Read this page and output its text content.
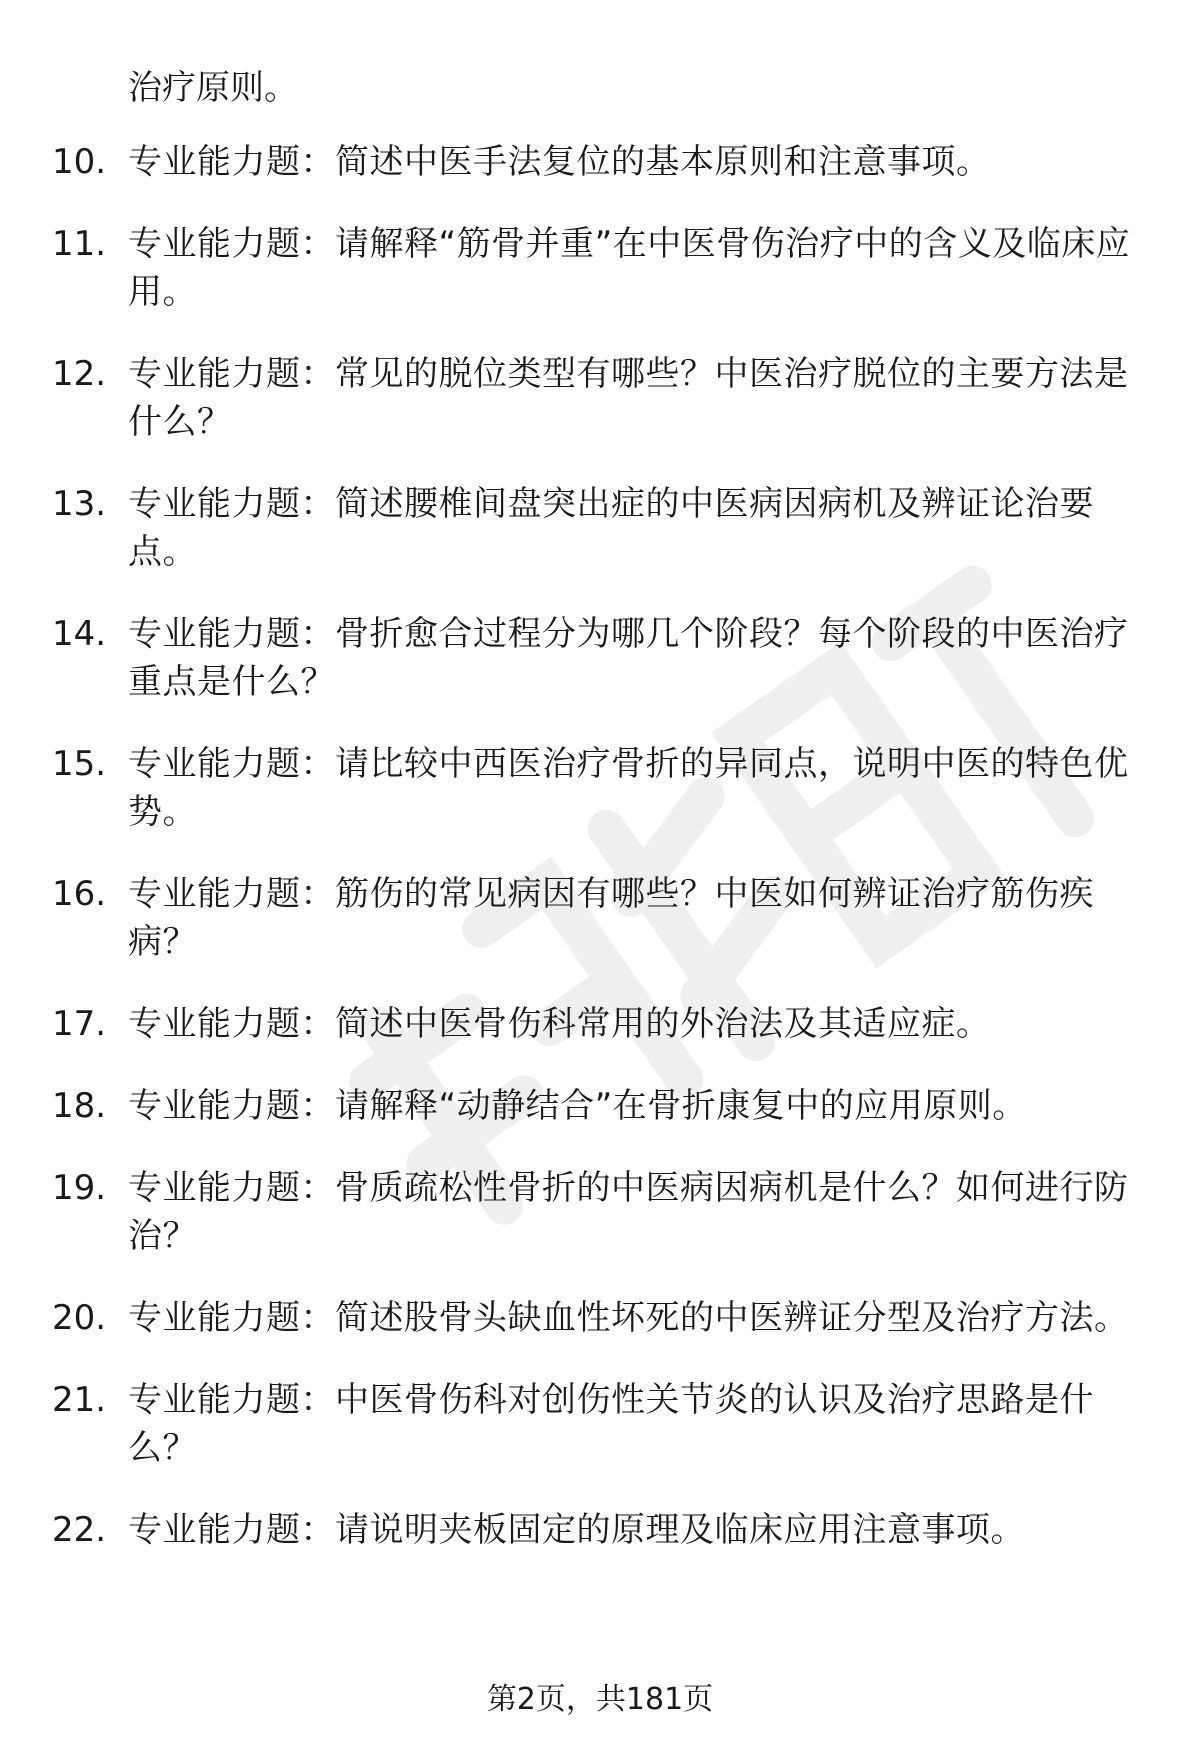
治疗原则。

10. 专业能力题：简述中医手法复位的基本原则和注意事项。
11. 专业能力题：请解释“筋骨并重”在中医骨伤治疗中的含义及临床应用。
12. 专业能力题：常见的脱位类型有哪些？中医治疗脱位的主要方法是什么？
13. 专业能力题：简述腰椎间盘突出症的中医病因病机及辨证论治要点。
14. 专业能力题：骨折愈合过程分为哪几个阶段？每个阶段的中医治疗重点是什么？
15. 专业能力题：请比较中西医治疗骨折的异同点，说明中医的特色优势。
16. 专业能力题：筋伤的常见病因有哪些？中医如何辨证治疗筋伤疾病？
17. 专业能力题：简述中医骨伤科常用的外治法及其适应症。
18. 专业能力题：请解释“动静结合”在骨折康复中的应用原则。
19. 专业能力题：骨质疏松性骨折的中医病因病机是什么？如何进行防治？
20. 专业能力题：简述股骨头缺血性坏死的中医辨证分型及治疗方法。
21. 专业能力题：中医骨伤科对创伤性关节炎的认识及治疗思路是什么？
22. 专业能力题：请说明夹板固定的原理及临床应用注意事项。
第2页，共181页
